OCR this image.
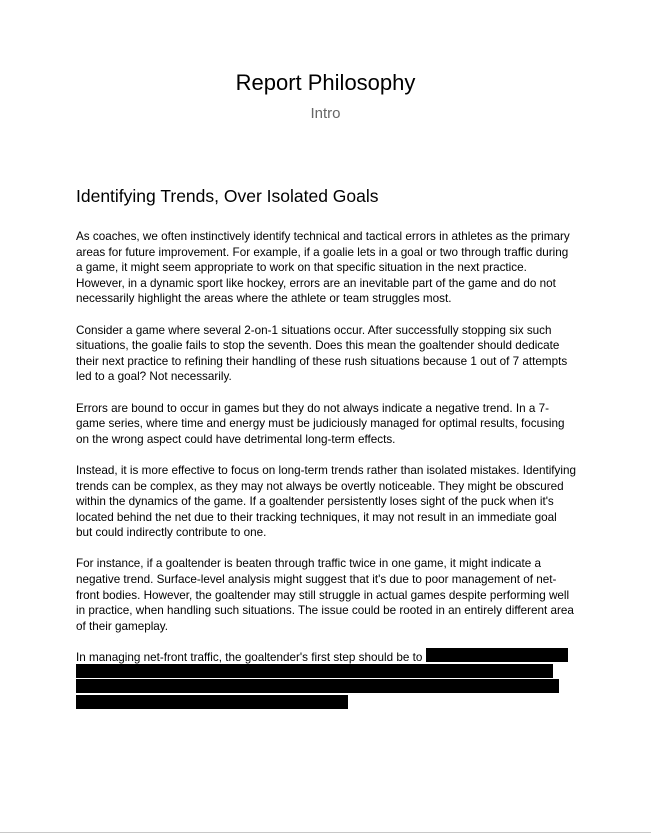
Report Philosophy
Intro
Identifying Trends, Over Isolated Goals

As coaches, we often instinctively identify technical and tactical errors in athletes as the primary areas for future improvement. For example, if a goalie lets in a goal or two through traffic during a game, it might seem appropriate to work on that specific situation in the next practice. However, in a dynamic sport like hockey, errors are an inevitable part of the game and do not necessarily highlight the areas where the athlete or team struggles most.

Consider a game where several 2-on-1 situations occur. After successfully stopping six such situations, the goalie fails to stop the seventh. Does this mean the goaltender should dedicate their next practice to refining their handling of these rush situations because 1 out of 7 attempts led to a goal? Not necessarily.

Errors are bound to occur in games but they do not always indicate a negative trend. In a 7-game series, where time and energy must be judiciously managed for optimal results, focusing on the wrong aspect could have detrimental long-term effects.

Instead, it is more effective to focus on long-term trends rather than isolated mistakes. Identifying trends can be complex, as they may not always be overtly noticeable. They might be obscured within the dynamics of the game. If a goaltender persistently loses sight of the puck when it's located behind the net due to their tracking techniques, it may not result in an immediate goal but could indirectly contribute to one.

For instance, if a goaltender is beaten through traffic twice in one game, it might indicate a negative trend. Surface-level analysis might suggest that it's due to poor management of net-front bodies. However, the goaltender may still struggle in actual games despite performing well in practice, when handling such situations. The issue could be rooted in an entirely different area of their gameplay.

In managing net-front traffic, the goaltender's first step should be to
